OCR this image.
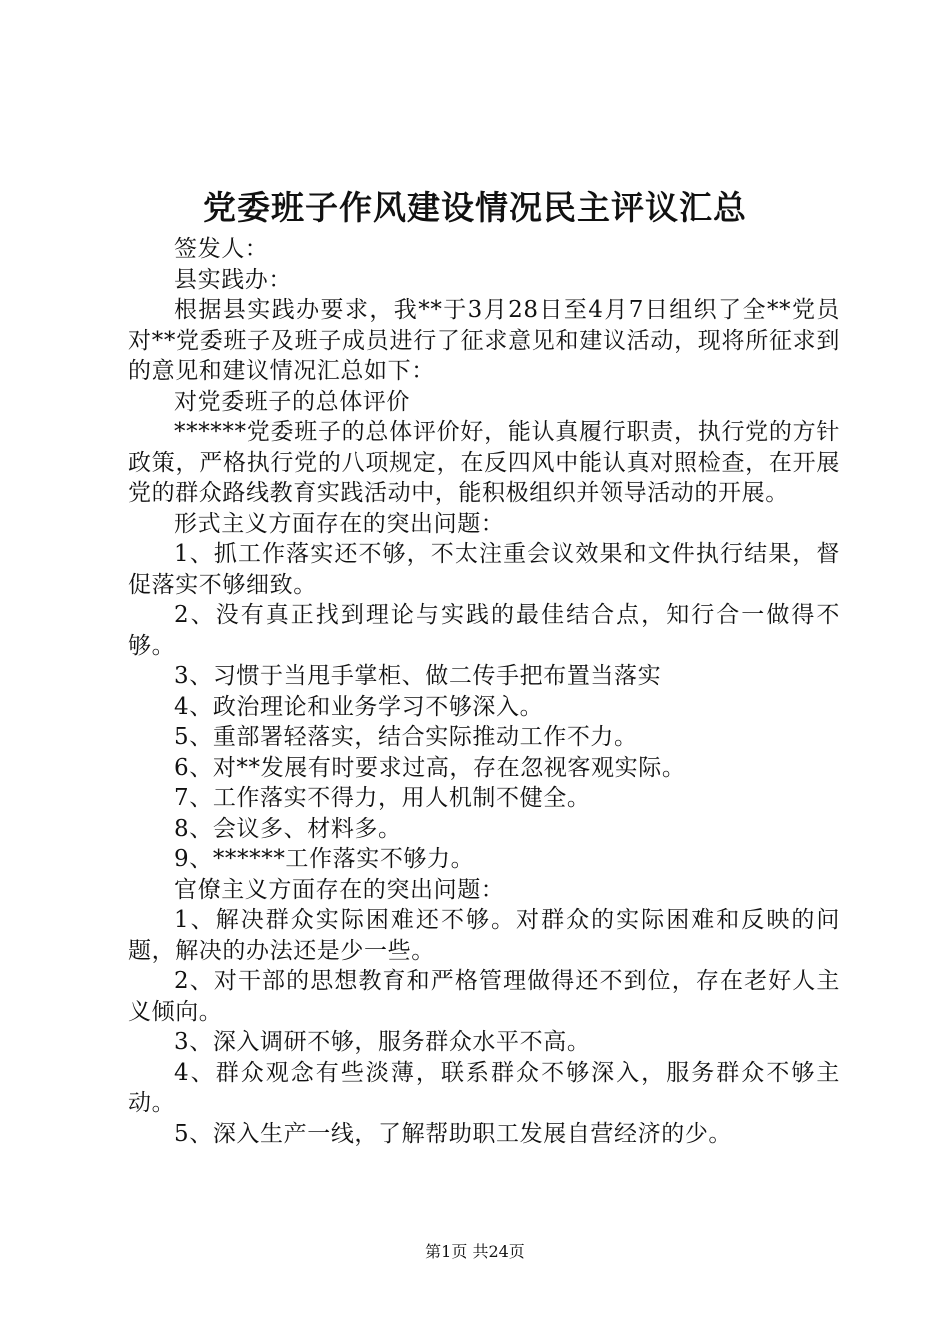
党委班子作风建设情况民主评议汇总

签发人：

县实践办：

根据县实践办要求，我**于3月28日至4月7日组织了全**党员对**党委班子及班子成员进行了征求意见和建议活动，现将所征求到的意见和建议情况汇总如下：

对党委班子的总体评价

******党委班子的总体评价好，能认真履行职责，执行党的方针政策，严格执行党的八项规定，在反四风中能认真对照检查，在开展党的群众路线教育实践活动中，能积极组织并领导活动的开展。

形式主义方面存在的突出问题：

1、抓工作落实还不够，不太注重会议效果和文件执行结果，督促落实不够细致。

2、没有真正找到理论与实践的最佳结合点，知行合一做得不够。

3、习惯于当甩手掌柜、做二传手把布置当落实

4、政治理论和业务学习不够深入。

5、重部署轻落实，结合实际推动工作不力。

6、对**发展有时要求过高，存在忽视客观实际。

7、工作落实不得力，用人机制不健全。

8、会议多、材料多。

9、******工作落实不够力。

官僚主义方面存在的突出问题：

1、解决群众实际困难还不够。对群众的实际困难和反映的问题，解决的办法还是少一些。

2、对干部的思想教育和严格管理做得还不到位，存在老好人主义倾向。

3、深入调研不够，服务群众水平不高。

4、群众观念有些淡薄，联系群众不够深入，服务群众不够主动。

5、深入生产一线，了解帮助职工发展自营经济的少。

第1页 共24页
